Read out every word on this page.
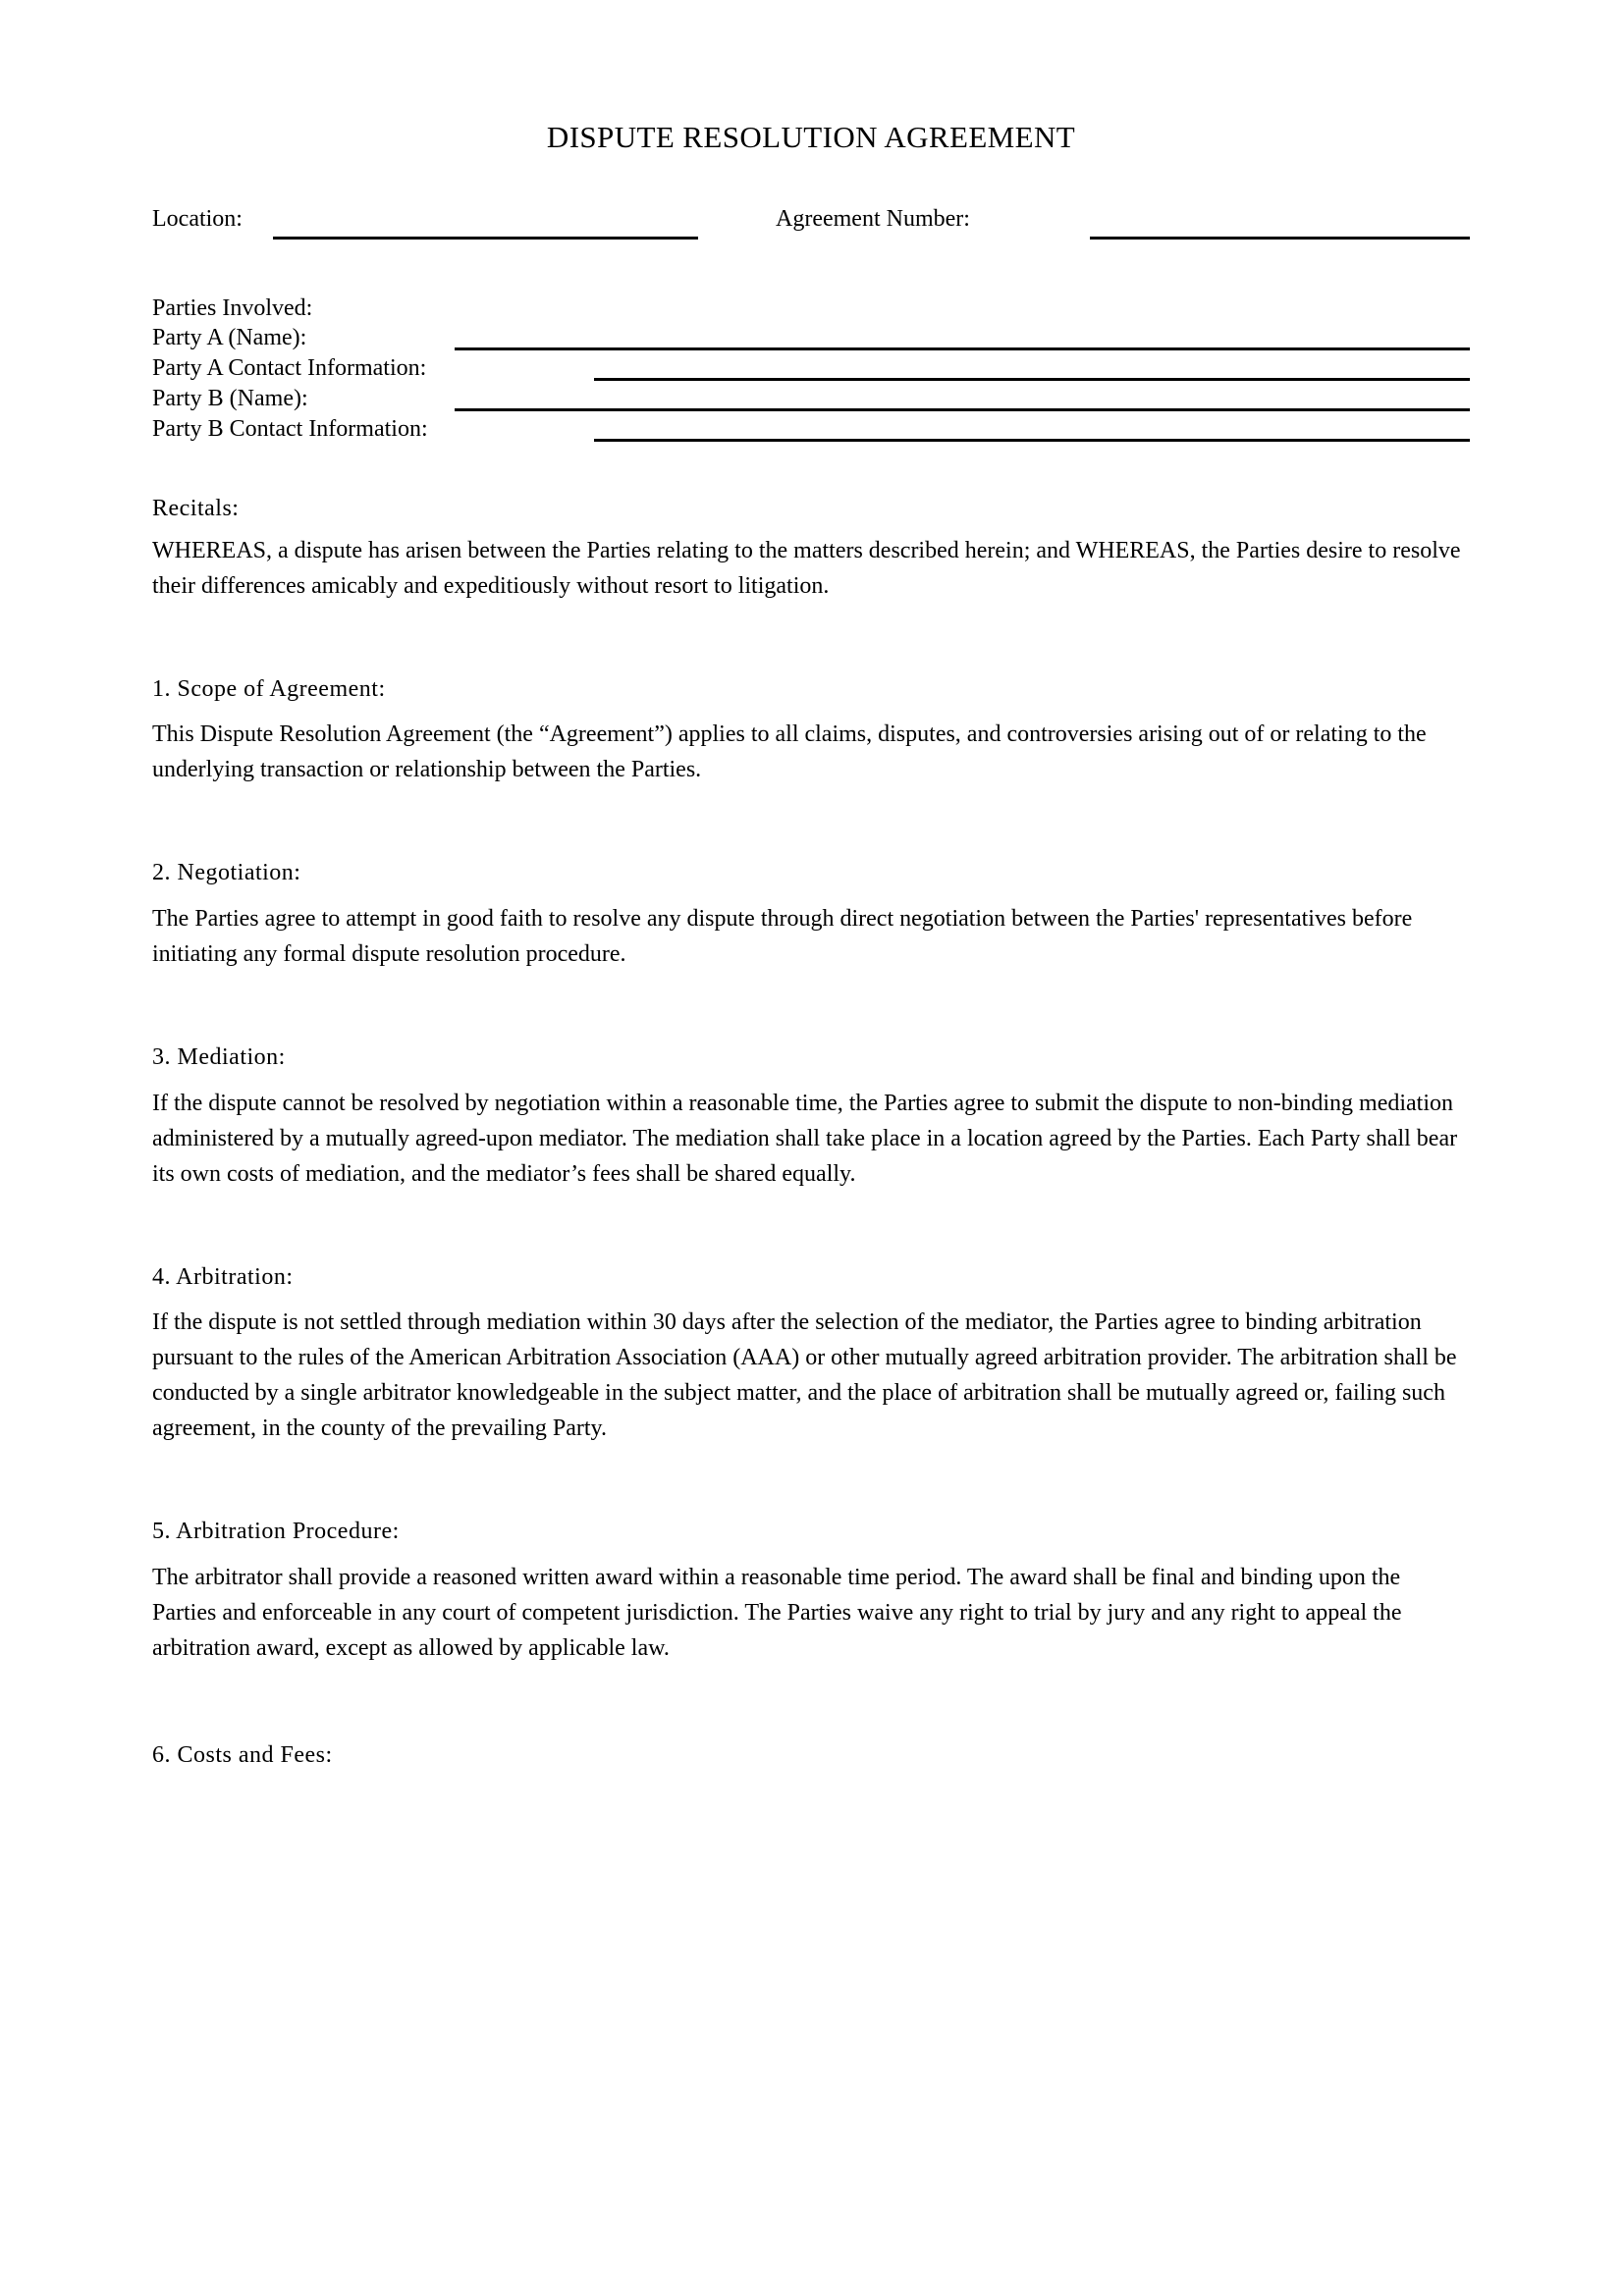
DISPUTE RESOLUTION AGREEMENT
Location:	Agreement Number:
Parties Involved:
Party A (Name):
Party A Contact Information:
Party B (Name):
Party B Contact Information:
Recitals:

WHEREAS, a dispute has arisen between the Parties relating to the matters described herein; and WHEREAS, the Parties desire to resolve their differences amicably and expeditiously without resort to litigation.

1. Scope of Agreement:

This Dispute Resolution Agreement (the “Agreement”) applies to all claims, disputes, and controversies arising out of or relating to the underlying transaction or relationship between the Parties.

2. Negotiation:

The Parties agree to attempt in good faith to resolve any dispute through direct negotiation between the Parties' representatives before initiating any formal dispute resolution procedure.

3. Mediation:

If the dispute cannot be resolved by negotiation within a reasonable time, the Parties agree to submit the dispute to non-binding mediation administered by a mutually agreed-upon mediator. The mediation shall take place in a location agreed by the Parties. Each Party shall bear its own costs of mediation, and the mediator’s fees shall be shared equally.

4. Arbitration:

If the dispute is not settled through mediation within 30 days after the selection of the mediator, the Parties agree to binding arbitration pursuant to the rules of the American Arbitration Association (AAA) or other mutually agreed arbitration provider. The arbitration shall be conducted by a single arbitrator knowledgeable in the subject matter, and the place of arbitration shall be mutually agreed or, failing such agreement, in the county of the prevailing Party.

5. Arbitration Procedure:

The arbitrator shall provide a reasoned written award within a reasonable time period. The award shall be final and binding upon the Parties and enforceable in any court of competent jurisdiction. The Parties waive any right to trial by jury and any right to appeal the arbitration award, except as allowed by applicable law.

6. Costs and Fees:
